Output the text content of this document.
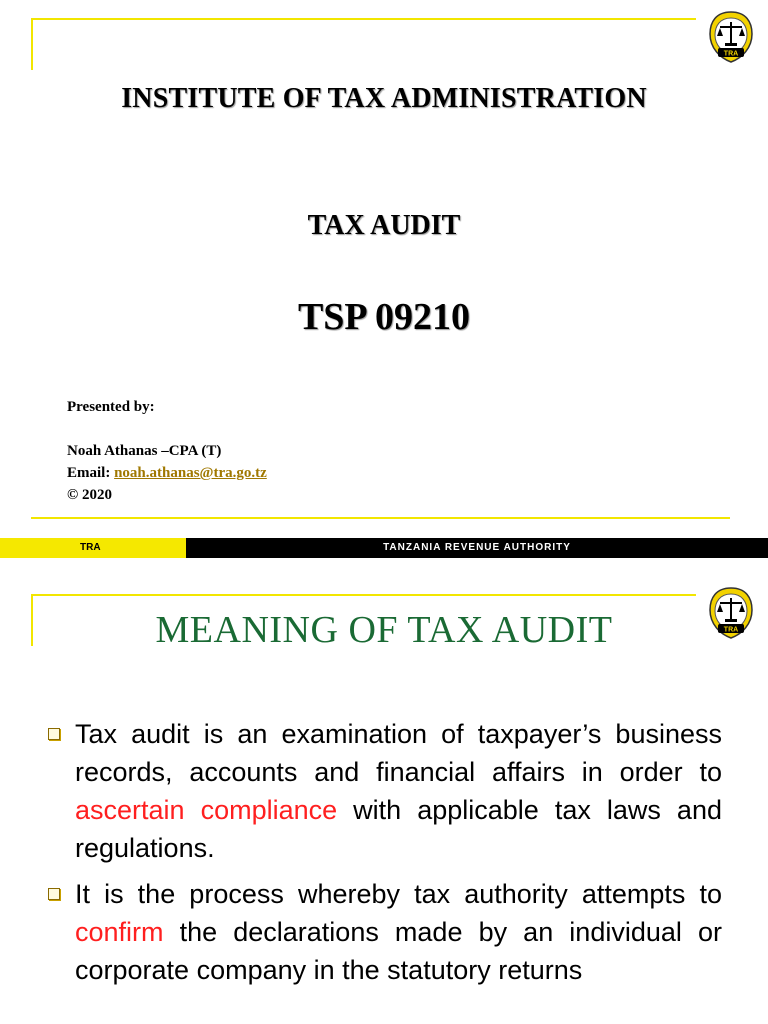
TRA
INSTITUTE OF TAX ADMINISTRATION
TAX AUDIT
TSP 09210
Presented by:
Noah Athanas –CPA (T)
Email: noah.athanas@tra.go.tz
© 2020
TRA	TANZANIA REVENUE AUTHORITY
TRA
MEANING OF TAX AUDIT
Tax audit is an examination of taxpayer’s business records, accounts and financial affairs in order to ascertain compliance with applicable tax laws and regulations.
It is the process whereby tax authority attempts to confirm the declarations made by an individual or corporate company in the statutory returns
